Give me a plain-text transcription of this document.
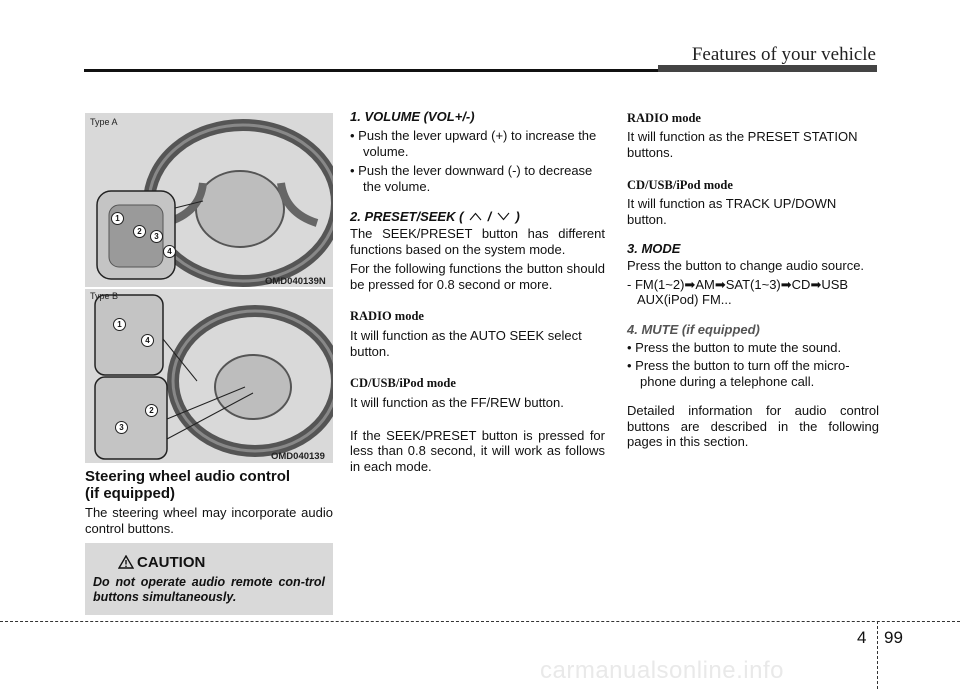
Features of your vehicle
Type A
OMD040139N
1
2
3
4
Type B
OMD040139
1
4
2
3
Steering wheel audio control
(if equipped)
The steering wheel may incorporate audio control buttons.
CAUTION
Do not operate audio remote con-trol buttons simultaneously.
1. VOLUME (VOL+/-)
• Push the lever upward (+) to increase the volume.
• Push the lever downward (-) to decrease the volume.
2. PRESET/SEEK ( / )
The SEEK/PRESET button has different functions based on the system mode.
For the following functions the button should be pressed for 0.8 second or more.
RADIO mode
It will function as the AUTO SEEK select button.
CD/USB/iPod mode
It will function as the FF/REW button.
If the SEEK/PRESET button is pressed for less than 0.8 second, it will work as follows in each mode.
RADIO mode
It will function as the PRESET STATION buttons.
CD/USB/iPod mode
It will function as TRACK UP/DOWN button.
3. MODE
Press the button to change audio source.
- FM(1~2)➡AM➡SAT(1~3)➡CD➡USB
AUX(iPod) FM...
4. MUTE (if equipped)
• Press the button to mute the sound.
• Press the button to turn off the micro-phone during a telephone call.
Detailed information for audio control buttons are described in the following pages in this section.
4 99
carmanualsonline.info
